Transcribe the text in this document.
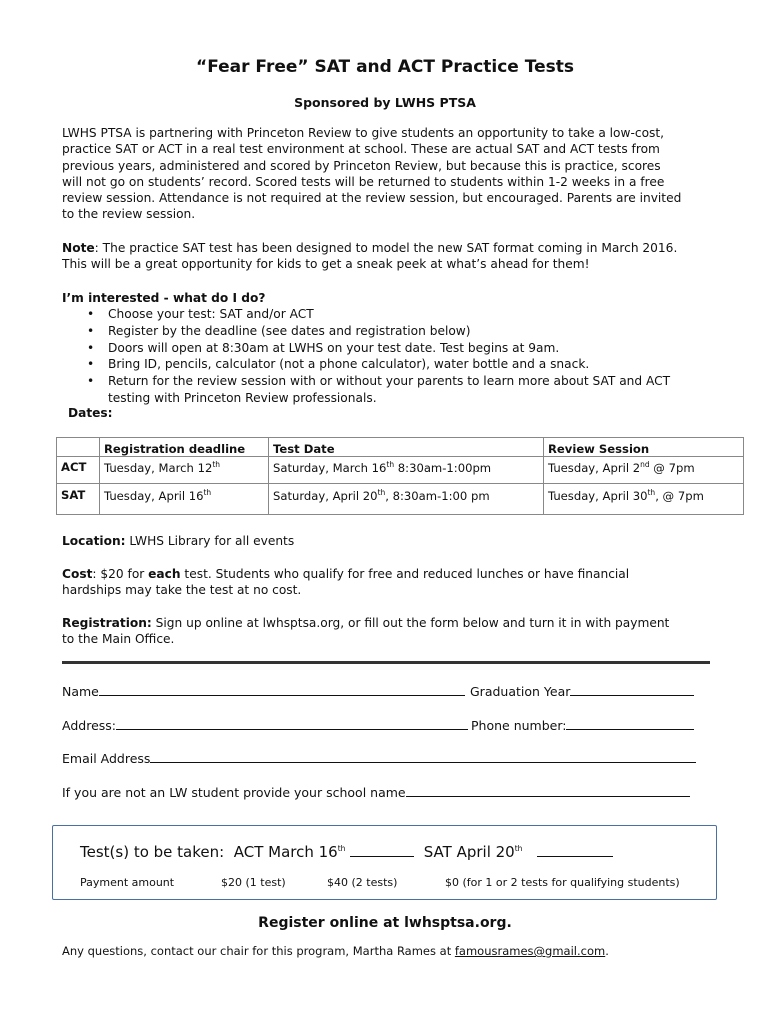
“Fear Free” SAT and ACT Practice Tests
Sponsored by LWHS PTSA
LWHS PTSA is partnering with Princeton Review to give students an opportunity to take a low-cost,
practice SAT or ACT in a real test environment at school. These are actual SAT and ACT tests from
previous years, administered and scored by Princeton Review, but because this is practice, scores
will not go on students’ record. Scored tests will be returned to students within 1-2 weeks in a free
review session. Attendance is not required at the review session, but encouraged. Parents are invited
to the review session.
Note: The practice SAT test has been designed to model the new SAT format coming in March 2016.
This will be a great opportunity for kids to get a sneak peek at what’s ahead for them!
I’m interested - what do I do?
• Choose your test: SAT and/or ACT
• Register by the deadline (see dates and registration below)
• Doors will open at 8:30am at LWHS on your test date. Test begins at 9am.
• Bring ID, pencils, calculator (not a phone calculator), water bottle and a snack.
• Return for the review session with or without your parents to learn more about SAT and ACT
testing with Princeton Review professionals.
Dates:
	Registration deadline	Test Date	Review Session
ACT	Tuesday, March 12th	Saturday, March 16th 8:30am-1:00pm	Tuesday, April 2nd @ 7pm
SAT	Tuesday, April 16th	Saturday, April 20th, 8:30am-1:00 pm	Tuesday, April 30th, @ 7pm
Location: LWHS Library for all events
Cost: $20 for each test. Students who qualify for free and reduced lunches or have financial
hardships may take the test at no cost.
Registration: Sign up online at lwhsptsa.org, or fill out the form below and turn it in with payment
to the Main Office.
Name	Graduation Year
Address:	Phone number:
Email Address
If you are not an LW student provide your school name
Test(s) to be taken: ACT March 16th	SAT April 20th
Payment amount	$20 (1 test)	$40 (2 tests)	$0 (for 1 or 2 tests for qualifying students)
Register online at lwhsptsa.org.
Any questions, contact our chair for this program, Martha Rames at famousrames@gmail.com.
